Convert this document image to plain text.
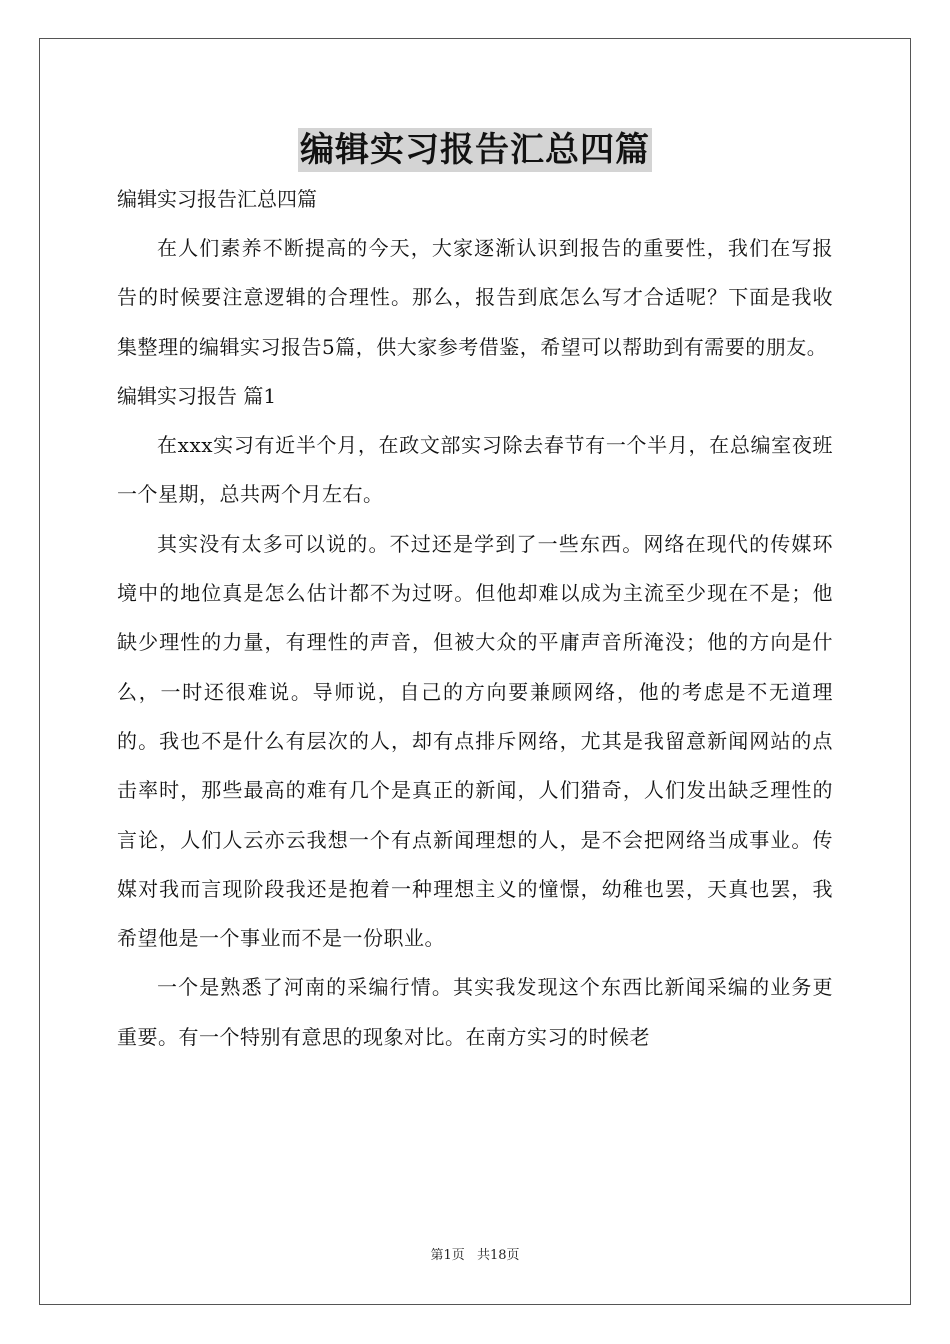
编辑实习报告汇总四篇

编辑实习报告汇总四篇

在人们素养不断提高的今天，大家逐渐认识到报告的重要性，我们在写报告的时候要注意逻辑的合理性。那么，报告到底怎么写才合适呢？下面是我收集整理的编辑实习报告5篇，供大家参考借鉴，希望可以帮助到有需要的朋友。

编辑实习报告 篇1

在xxx实习有近半个月，在政文部实习除去春节有一个半月，在总编室夜班一个星期，总共两个月左右。

其实没有太多可以说的。不过还是学到了一些东西。网络在现代的传媒环境中的地位真是怎么估计都不为过呀。但他却难以成为主流至少现在不是；他缺少理性的力量，有理性的声音，但被大众的平庸声音所淹没；他的方向是什么，一时还很难说。导师说，自己的方向要兼顾网络，他的考虑是不无道理的。我也不是什么有层次的人，却有点排斥网络，尤其是我留意新闻网站的点击率时，那些最高的难有几个是真正的新闻，人们猎奇，人们发出缺乏理性的言论，人们人云亦云我想一个有点新闻理想的人，是不会把网络当成事业。传媒对我而言现阶段我还是抱着一种理想主义的憧憬，幼稚也罢，天真也罢，我希望他是一个事业而不是一份职业。

一个是熟悉了河南的采编行情。其实我发现这个东西比新闻采编的业务更重要。有一个特别有意思的现象对比。在南方实习的时候老

第1页 共18页
